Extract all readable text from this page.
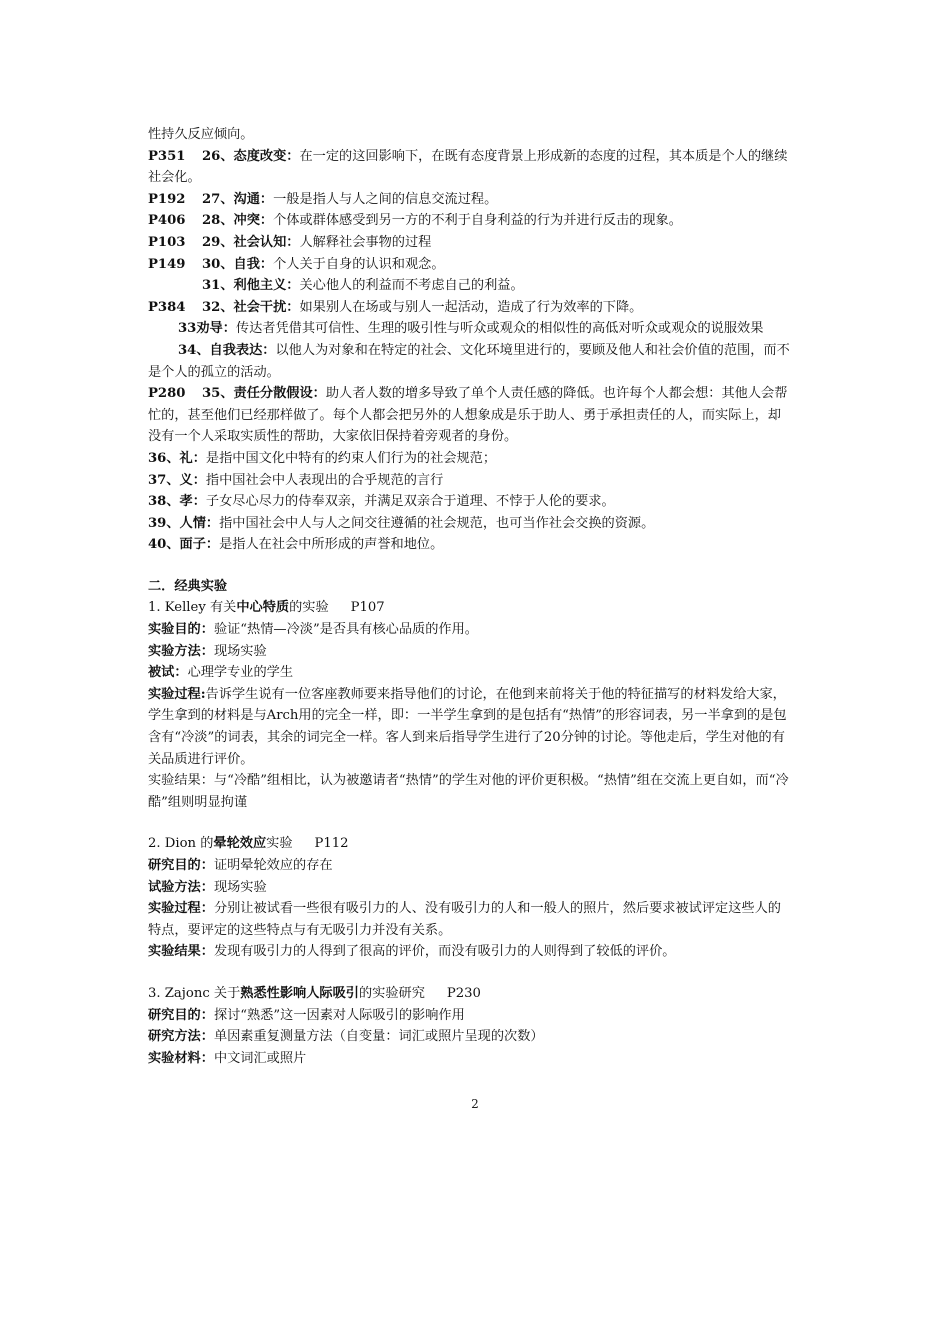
性持久反应倾向。
P351 26、态度改变：在一定的这回影响下，在既有态度背景上形成新的态度的过程，其本质是个人的继续社会化。
P192 27、沟通：一般是指人与人之间的信息交流过程。
P406 28、冲突：个体或群体感受到另一方的不利于自身利益的行为并进行反击的现象。
P103 29、社会认知：人解释社会事物的过程
P149 30、自我：个人关于自身的认识和观念。
31、利他主义：关心他人的利益而不考虑自己的利益。
P384 32、社会干扰：如果别人在场或与别人一起活动，造成了行为效率的下降。
33劝导：传达者凭借其可信性、生理的吸引性与听众或观众的相似性的高低对听众或观众的说服效果
34、自我表达：以他人为对象和在特定的社会、文化环境里进行的，要顾及他人和社会价值的范围，而不是个人的孤立的活动。
P280 35、责任分散假设：助人者人数的增多导致了单个人责任感的降低。也许每个人都会想：其他人会帮忙的，甚至他们已经那样做了。每个人都会把另外的人想象成是乐于助人、勇于承担责任的人，而实际上，却没有一个人采取实质性的帮助，大家依旧保持着旁观者的身份。
36、礼：是指中国文化中特有的约束人们行为的社会规范；
37、义：指中国社会中人表现出的合乎规范的言行
38、孝：子女尽心尽力的侍奉双亲，并满足双亲合于道理、不悖于人伦的要求。
39、人情：指中国社会中人与人之间交往遵循的社会规范，也可当作社会交换的资源。
40、面子：是指人在社会中所形成的声誉和地位。
二．经典实验
1. Kelley 有关中心特质的实验 P107
实验目的：验证“热情—冷淡”是否具有核心品质的作用。
实验方法：现场实验
被试：心理学专业的学生
实验过程:告诉学生说有一位客座教师要来指导他们的讨论，在他到来前将关于他的特征描写的材料发给大家，学生拿到的材料是与Arch用的完全一样，即：一半学生拿到的是包括有“热情”的形容词表，另一半拿到的是包含有“冷淡”的词表，其余的词完全一样。客人到来后指导学生进行了20分钟的讨论。等他走后，学生对他的有关品质进行评价。
实验结果：与“冷酷”组相比，认为被邀请者“热情”的学生对他的评价更积极。“热情”组在交流上更自如，而“冷酷”组则明显拘谨
2. Dion 的晕轮效应实验 P112
研究目的：证明晕轮效应的存在
试验方法：现场实验
实验过程：分别让被试看一些很有吸引力的人、没有吸引力的人和一般人的照片，然后要求被试评定这些人的特点，要评定的这些特点与有无吸引力并没有关系。
实验结果：发现有吸引力的人得到了很高的评价，而没有吸引力的人则得到了较低的评价。
3. Zajonc 关于熟悉性影响人际吸引的实验研究 P230
研究目的：探讨“熟悉”这一因素对人际吸引的影响作用
研究方法：单因素重复测量方法（自变量：词汇或照片呈现的次数）
实验材料：中文词汇或照片
2
